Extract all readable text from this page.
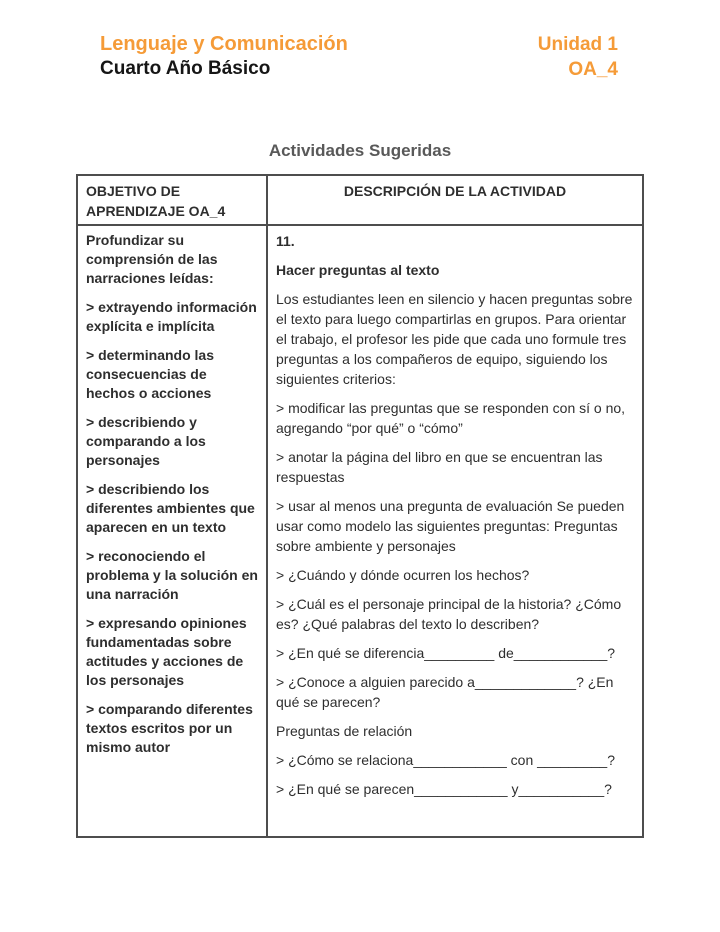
Lenguaje y Comunicación
Cuarto Año Básico
Unidad 1
OA_4
Actividades Sugeridas
OBJETIVO DE APRENDIZAJE OA_4
DESCRIPCIÓN DE LA ACTIVIDAD

Profundizar su comprensión de las narraciones leídas:

> extrayendo información explícita e implícita

> determinando las consecuencias de hechos o acciones

> describiendo y comparando a los personajes

> describiendo los diferentes ambientes que aparecen en un texto

> reconociendo el problema y la solución en una narración

> expresando opiniones fundamentadas sobre actitudes y acciones de los personajes

> comparando diferentes textos escritos por un mismo autor

11.

Hacer preguntas al texto

Los estudiantes leen en silencio y hacen preguntas sobre el texto para luego compartirlas en grupos. Para orientar el trabajo, el profesor les pide que cada uno formule tres preguntas a los compañeros de equipo, siguiendo los siguientes criterios:

> modificar las preguntas que se responden con sí o no, agregando “por qué” o “cómo”

> anotar la página del libro en que se encuentran las respuestas

> usar al menos una pregunta de evaluación Se pueden usar como modelo las siguientes preguntas: Preguntas sobre ambiente y personajes

> ¿Cuándo y dónde ocurren los hechos?

> ¿Cuál es el personaje principal de la historia? ¿Cómo es? ¿Qué palabras del texto lo describen?

> ¿En qué se diferencia_________ de____________?

> ¿Conoce a alguien parecido a_____________? ¿En qué se parecen?

Preguntas de relación

> ¿Cómo se relaciona____________ con _________?

> ¿En qué se parecen____________ y___________?
